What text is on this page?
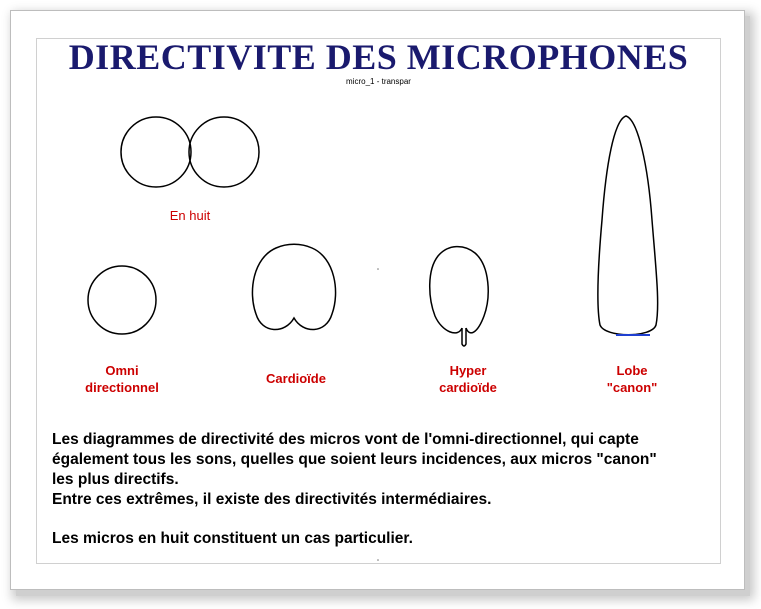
DIRECTIVITE DES MICROPHONES
micro_1 - transpar
En huit
Omni
directionnel
Cardioïde
Hyper
cardioïde
Lobe
"canon"

Les diagrammes de directivité des micros vont de l'omni-directionnel, qui capte

également tous les sons, quelles que soient leurs incidences, aux micros "canon"

les plus directifs.

Entre ces extrêmes, il existe des directivités intermédiaires.

Les micros en huit constituent un cas particulier.
